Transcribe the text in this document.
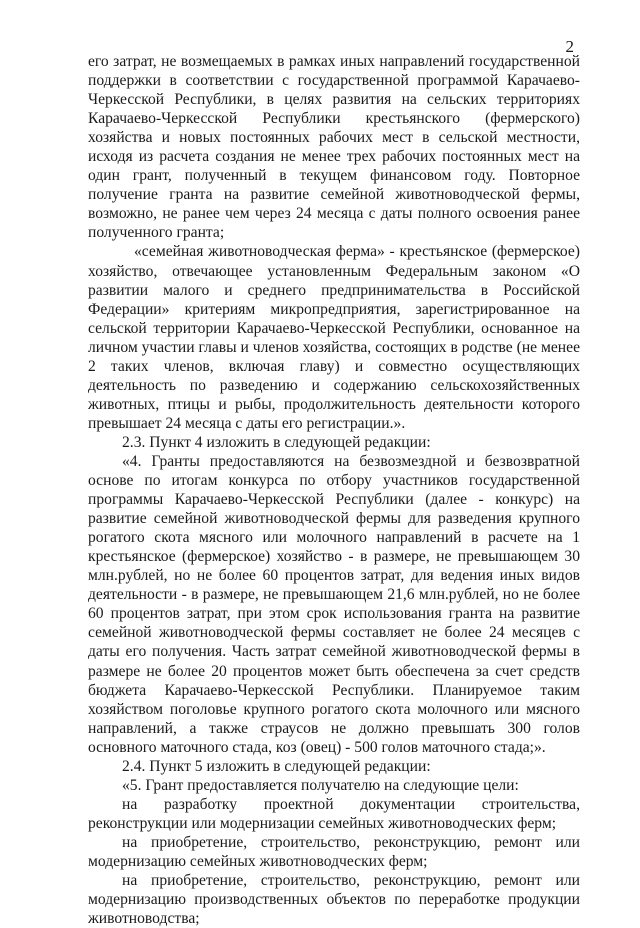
2

его затрат, не возмещаемых в рамках иных направлений государственной поддержки в соответствии с государственной программой Карачаево-Черкесской Республики, в целях развития на сельских территориях Карачаево-Черкесской Республики крестьянского (фермерского) хозяйства и новых постоянных рабочих мест в сельской местности, исходя из расчета создания не менее трех рабочих постоянных мест на один грант, полученный в текущем финансовом году. Повторное получение гранта на развитие семейной животноводческой фермы, возможно, не ранее чем через 24 месяца с даты полного освоения ранее полученного гранта;

«семейная животноводческая ферма» - крестьянское (фермерское) хозяйство, отвечающее установленным Федеральным законом «О развитии малого и среднего предпринимательства в Российской Федерации» критериям микропредприятия, зарегистрированное на сельской территории Карачаево-Черкесской Республики, основанное на личном участии главы и членов хозяйства, состоящих в родстве (не менее 2 таких членов, включая главу) и совместно осуществляющих деятельность по разведению и содержанию сельскохозяйственных животных, птицы и рыбы, продолжительность деятельности которого превышает 24 месяца с даты его регистрации.».

2.3. Пункт 4 изложить в следующей редакции:

«4. Гранты предоставляются на безвозмездной и безвозвратной основе по итогам конкурса по отбору участников государственной программы Карачаево-Черкесской Республики (далее - конкурс) на развитие семейной животноводческой фермы для разведения крупного рогатого скота мясного или молочного направлений в расчете на 1 крестьянское (фермерское) хозяйство - в размере, не превышающем 30 млн.рублей, но не более 60 процентов затрат, для ведения иных видов деятельности - в размере, не превышающем 21,6 млн.рублей, но не более 60 процентов затрат, при этом срок использования гранта на развитие семейной животноводческой фермы составляет не более 24 месяцев с даты его получения. Часть затрат семейной животноводческой фермы в размере не более 20 процентов может быть обеспечена за счет средств бюджета Карачаево-Черкесской Республики. Планируемое таким хозяйством поголовье крупного рогатого скота молочного или мясного направлений, а также страусов не должно превышать 300 голов основного маточного стада, коз (овец) - 500 голов маточного стада;».

2.4. Пункт 5 изложить в следующей редакции:

«5. Грант предоставляется получателю на следующие цели:

на разработку проектной документации строительства, реконструкции или модернизации семейных животноводческих ферм;

на приобретение, строительство, реконструкцию, ремонт или модернизацию семейных животноводческих ферм;

на приобретение, строительство, реконструкцию, ремонт или модернизацию производственных объектов по переработке продукции животноводства;
